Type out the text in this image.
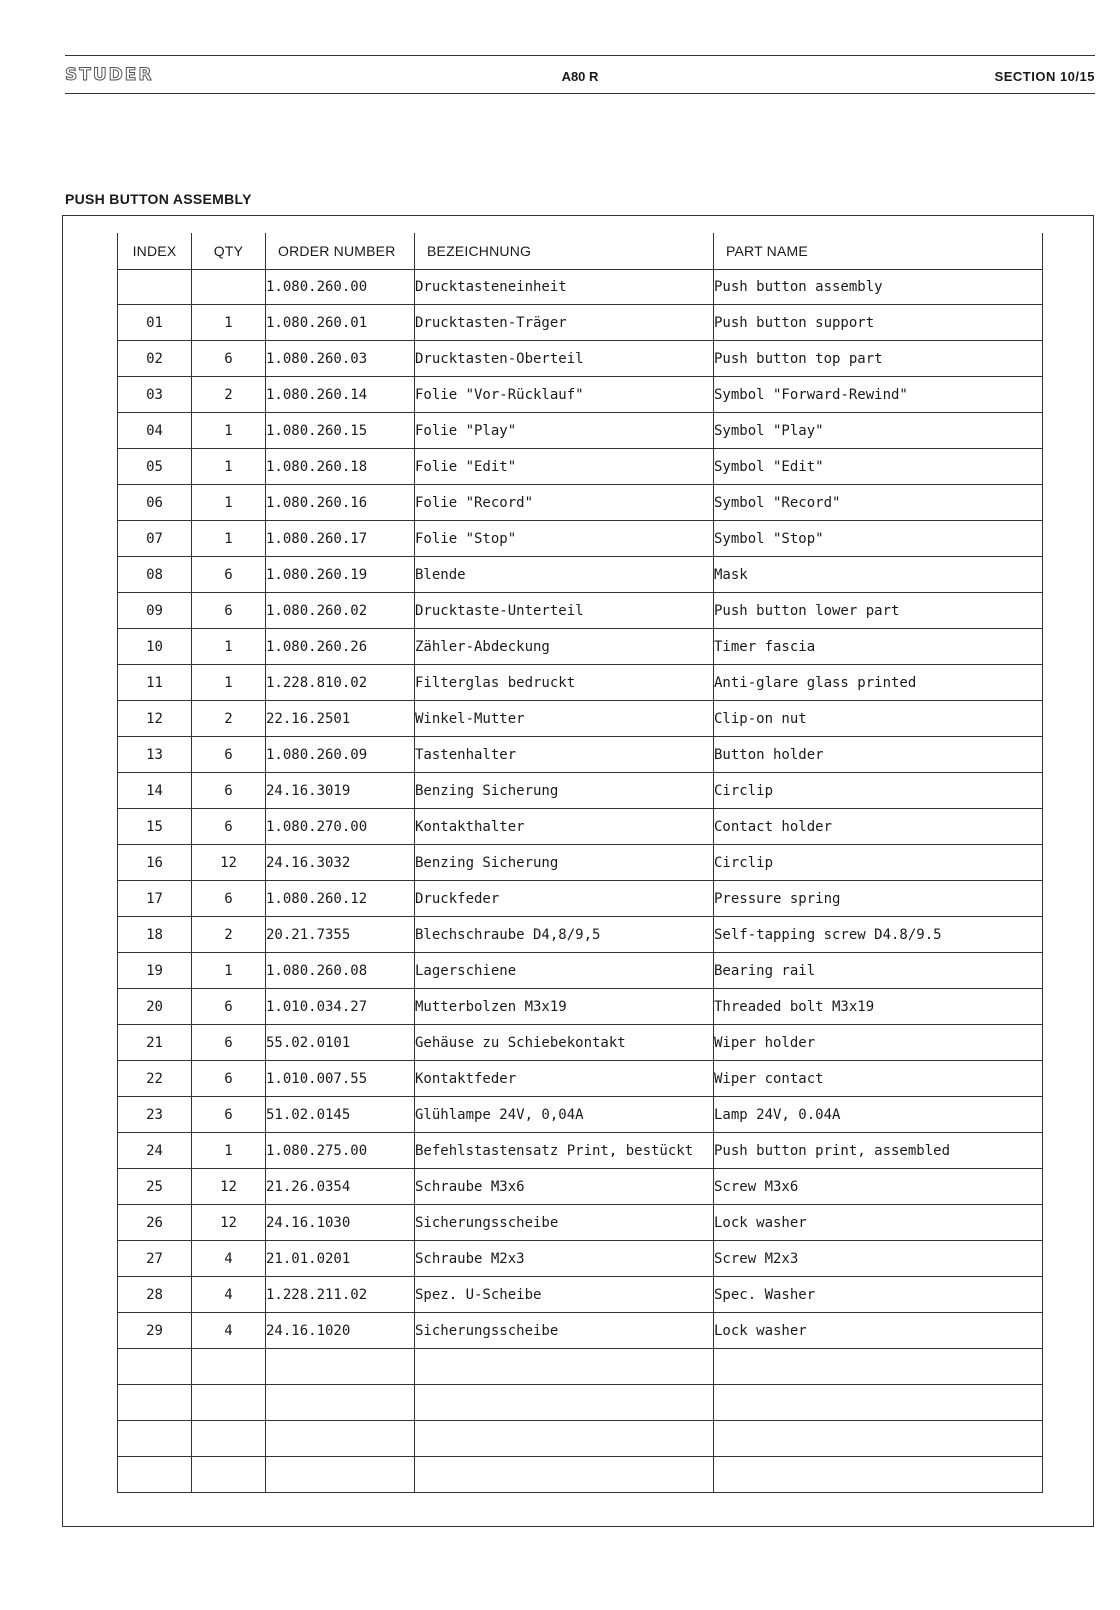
STUDER	A80 R	SECTION 10/15
PUSH BUTTON ASSEMBLY
INDEX	QTY	ORDER NUMBER	BEZEICHNUNG	PART NAME
		1.080.260.00	Drucktasteneinheit	Push button assembly
01	1	1.080.260.01	Drucktasten-Träger	Push button support
02	6	1.080.260.03	Drucktasten-Oberteil	Push button top part
03	2	1.080.260.14	Folie "Vor-Rücklauf"	Symbol "Forward-Rewind"
04	1	1.080.260.15	Folie "Play"	Symbol "Play"
05	1	1.080.260.18	Folie "Edit"	Symbol "Edit"
06	1	1.080.260.16	Folie "Record"	Symbol "Record"
07	1	1.080.260.17	Folie "Stop"	Symbol "Stop"
08	6	1.080.260.19	Blende	Mask
09	6	1.080.260.02	Drucktaste-Unterteil	Push button lower part
10	1	1.080.260.26	Zähler-Abdeckung	Timer fascia
11	1	1.228.810.02	Filterglas bedruckt	Anti-glare glass printed
12	2	22.16.2501	Winkel-Mutter	Clip-on nut
13	6	1.080.260.09	Tastenhalter	Button holder
14	6	24.16.3019	Benzing Sicherung	Circlip
15	6	1.080.270.00	Kontakthalter	Contact holder
16	12	24.16.3032	Benzing Sicherung	Circlip
17	6	1.080.260.12	Druckfeder	Pressure spring
18	2	20.21.7355	Blechschraube D4,8/9,5	Self-tapping screw D4.8/9.5
19	1	1.080.260.08	Lagerschiene	Bearing rail
20	6	1.010.034.27	Mutterbolzen M3x19	Threaded bolt M3x19
21	6	55.02.0101	Gehäuse zu Schiebekontakt	Wiper holder
22	6	1.010.007.55	Kontaktfeder	Wiper contact
23	6	51.02.0145	Glühlampe 24V, 0,04A	Lamp 24V, 0.04A
24	1	1.080.275.00	Befehlstastensatz Print, bestückt	Push button print, assembled
25	12	21.26.0354	Schraube M3x6	Screw M3x6
26	12	24.16.1030	Sicherungsscheibe	Lock washer
27	4	21.01.0201	Schraube M2x3	Screw M2x3
28	4	1.228.211.02	Spez. U-Scheibe	Spec. Washer
29	4	24.16.1020	Sicherungsscheibe	Lock washer
